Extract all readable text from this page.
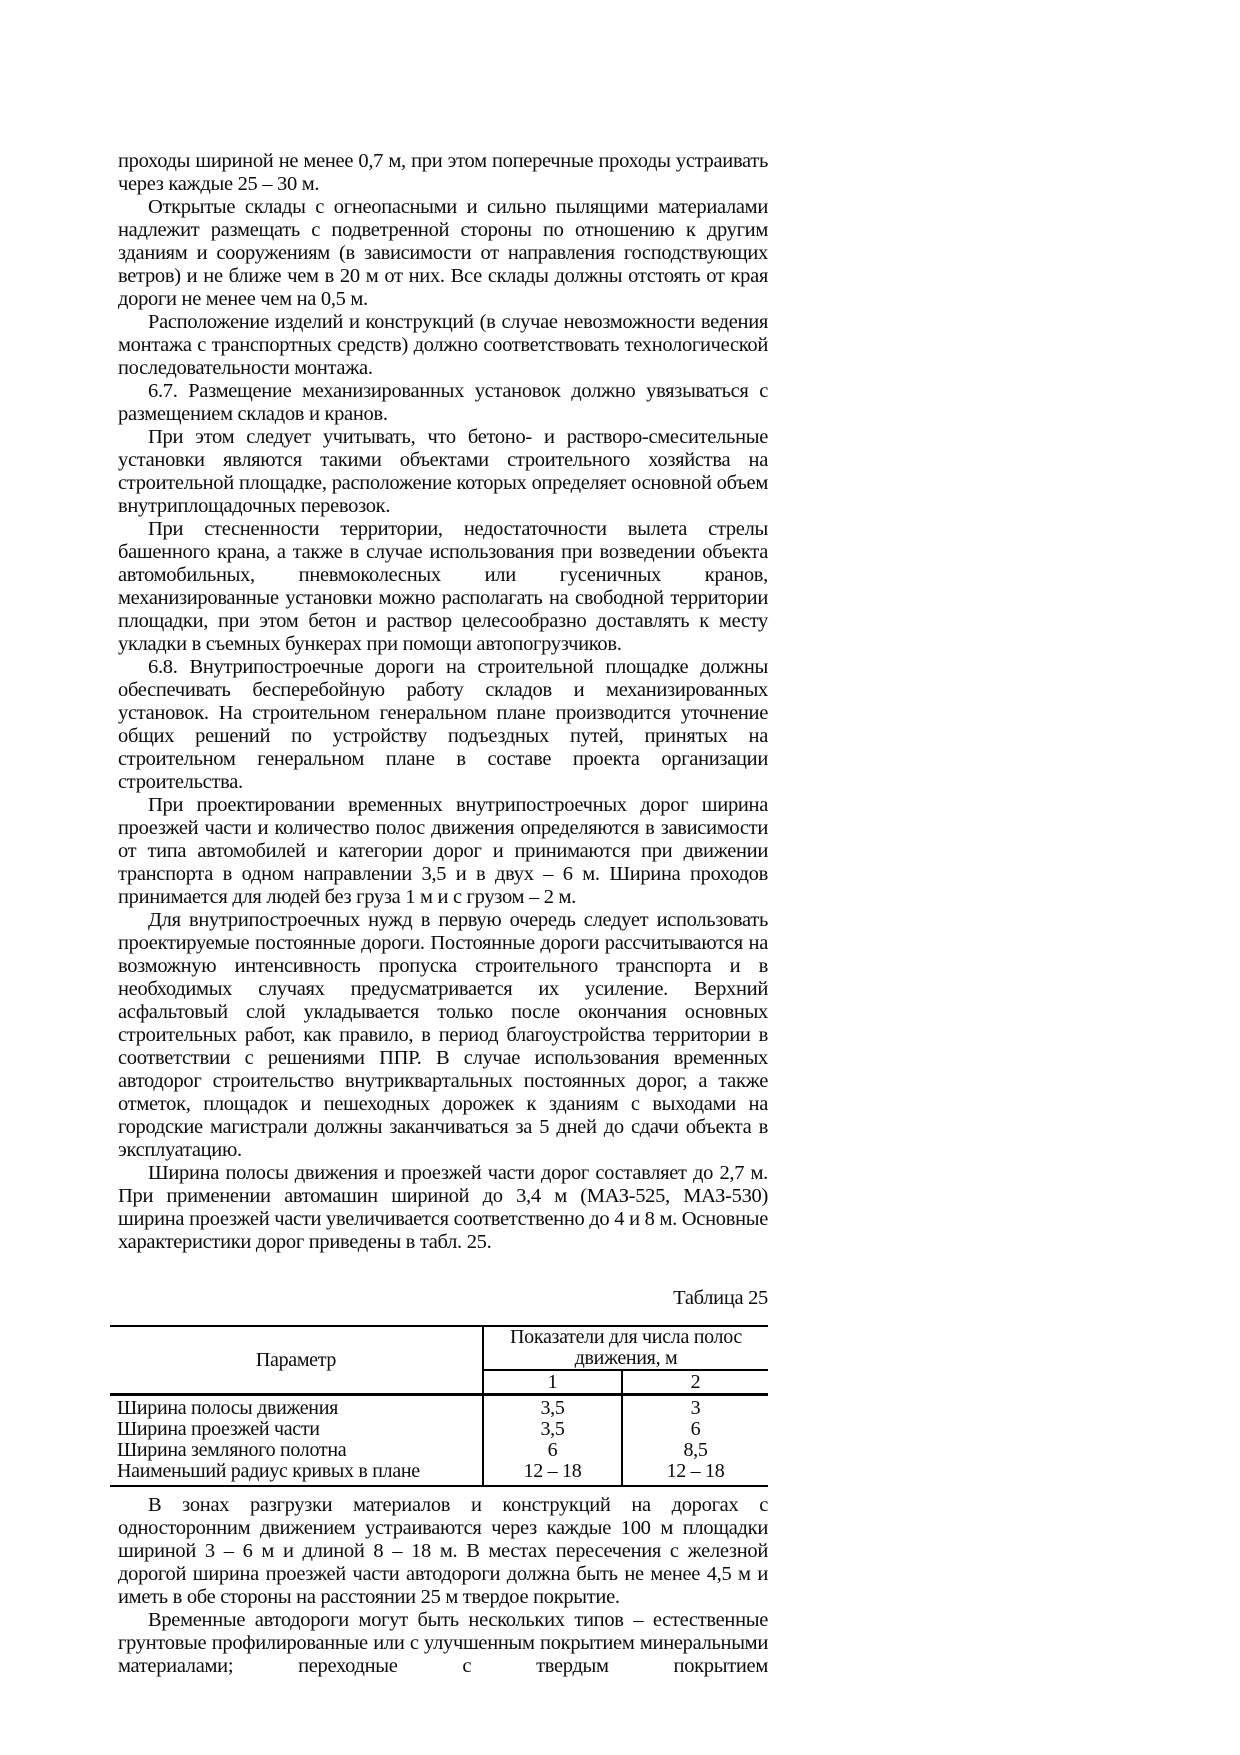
проходы шириной не менее 0,7 м, при этом поперечные проходы устраивать через каждые 25 – 30 м.

Открытые склады с огнеопасными и сильно пылящими материалами надлежит размещать с подветренной стороны по отношению к другим зданиям и сооружениям (в зависимости от направления господствующих ветров) и не ближе чем в 20 м от них. Все склады должны отстоять от края дороги не менее чем на 0,5 м.

Расположение изделий и конструкций (в случае невозможности ведения монтажа с транспортных средств) должно соответствовать технологической последовательности монтажа.

6.7. Размещение механизированных установок должно увязываться с размещением складов и кранов.

При этом следует учитывать, что бетоно- и растворо-смесительные установки являются такими объектами строительного хозяйства на строительной площадке, расположение которых определяет основной объем внутриплощадочных перевозок.

При стесненности территории, недостаточности вылета стрелы башенного крана, а также в случае использования при возведении объекта автомобильных, пневмоколесных или гусеничных кранов, механизированные установки можно располагать на свободной территории площадки, при этом бетон и раствор целесообразно доставлять к месту укладки в съемных бункерах при помощи автопогрузчиков.

6.8. Внутрипостроечные дороги на строительной площадке должны обеспечивать бесперебойную работу складов и механизированных установок. На строительном генеральном плане производится уточнение общих решений по устройству подъездных путей, принятых на строительном генеральном плане в составе проекта организации строительства.

При проектировании временных внутрипостроечных дорог ширина проезжей части и количество полос движения определяются в зависимости от типа автомобилей и категории дорог и принимаются при движении транспорта в одном направлении 3,5 и в двух – 6 м. Ширина проходов принимается для людей без груза 1 м и с грузом – 2 м.

Для внутрипостроечных нужд в первую очередь следует использовать проектируемые постоянные дороги. Постоянные дороги рассчитываются на возможную интенсивность пропуска строительного транспорта и в необходимых случаях предусматривается их усиление. Верхний асфальтовый слой укладывается только после окончания основных строительных работ, как правило, в период благоустройства территории в соответствии с решениями ППР. В случае использования временных автодорог строительство внутриквартальных постоянных дорог, а также отметок, площадок и пешеходных дорожек к зданиям с выходами на городские магистрали должны заканчиваться за 5 дней до сдачи объекта в эксплуатацию.

Ширина полосы движения и проезжей части дорог составляет до 2,7 м. При применении автомашин шириной до 3,4 м (МАЗ-525, МАЗ-530) ширина проезжей части увеличивается соответственно до 4 и 8 м. Основные характеристики дорог приведены в табл. 25.

Таблица 25
Параметр	Показатели для числа полос движения, м	
	1	2
Ширина полосы движения	3,5	3
Ширина проезжей части	3,5	6
Ширина земляного полотна	6	8,5
Наименьший радиус кривых в плане	12 – 18	12 – 18

В зонах разгрузки материалов и конструкций на дорогах с односторонним движением устраиваются через каждые 100 м площадки шириной 3 – 6 м и длиной 8 – 18 м. В местах пересечения с железной дорогой ширина проезжей части автодороги должна быть не менее 4,5 м и иметь в обе стороны на расстоянии 25 м твердое покрытие.

Временные автодороги могут быть нескольких типов – естественные грунтовые профилированные или с улучшенным покрытием минеральными материалами; переходные с твердым покрытием
